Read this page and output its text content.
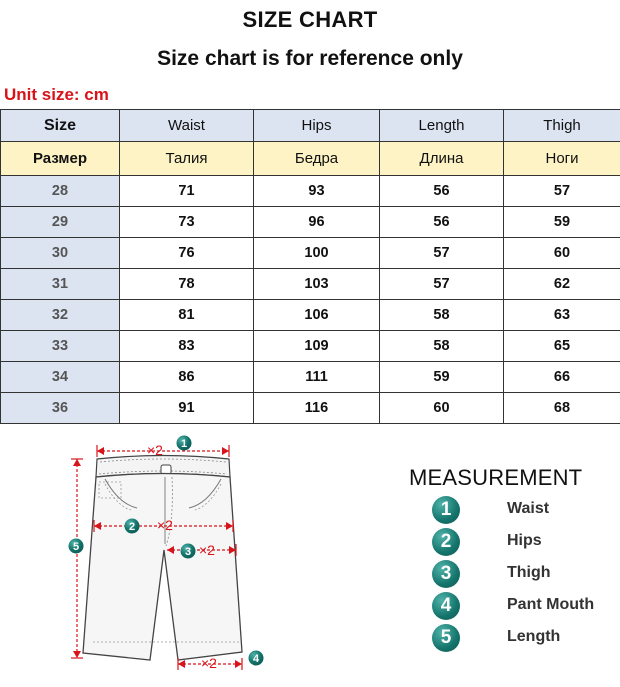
SIZE CHART
Size chart is for reference only
Unit size: cm
Size	Waist	Hips	Length	Thigh
Размер	Талия	Бедра	Длина	Ноги
28	71	93	56	57
29	73	96	56	59
30	76	100	57	60
31	78	103	57	62
32	81	106	58	63
33	83	109	58	65
34	86	111	59	66
36	91	116	60	68
×2
×2
×2
×2
1
2
3
4
5
MEASUREMENT
1	Waist
2	Hips
3	Thigh
4	Pant Mouth
5	Length
